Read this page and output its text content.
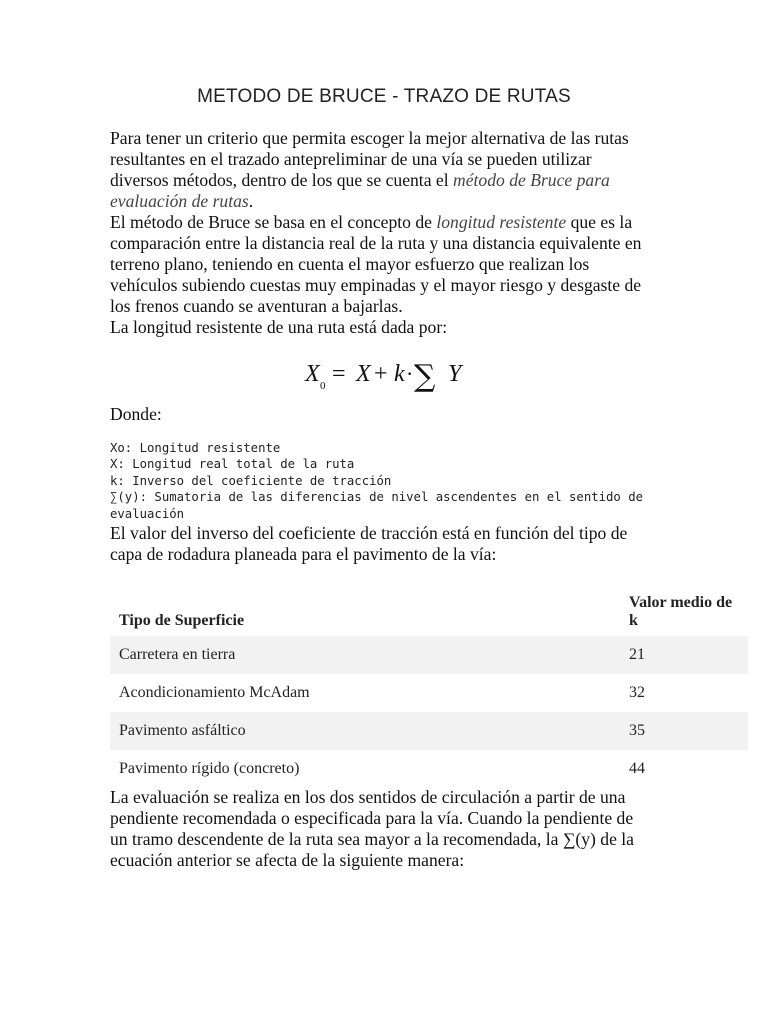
METODO DE BRUCE - TRAZO DE RUTAS

Para tener un criterio que permita escoger la mejor alternativa de las rutas resultantes en el trazado antepreliminar de una vía se pueden utilizar diversos métodos, dentro de los que se cuenta el método de Bruce para evaluación de rutas.

El método de Bruce se basa en el concepto de longitud resistente que es la comparación entre la distancia real de la ruta y una distancia equivalente en terreno plano, teniendo en cuenta el mayor esfuerzo que realizan los vehículos subiendo cuestas muy empinadas y el mayor riesgo y desgaste de los frenos cuando se aventuran a bajarlas.

La longitud resistente de una ruta está dada por:

X 0 = X + k · ∑ Y
Donde:
Xo: Longitud resistente
X: Longitud real total de la ruta
k: Inverso del coeficiente de tracción
∑(y): Sumatoria de las diferencias de nivel ascendentes en el sentido de evaluación

El valor del inverso del coeficiente de tracción está en función del tipo de capa de rodadura planeada para el pavimento de la vía:

Tipo de Superficie	Valor medio de k
Carretera en tierra	21
Acondicionamiento McAdam	32
Pavimento asfáltico	35
Pavimento rígido (concreto)	44

La evaluación se realiza en los dos sentidos de circulación a partir de una pendiente recomendada o especificada para la vía. Cuando la pendiente de un tramo descendente de la ruta sea mayor a la recomendada, la ∑(y) de la ecuación anterior se afecta de la siguiente manera:
